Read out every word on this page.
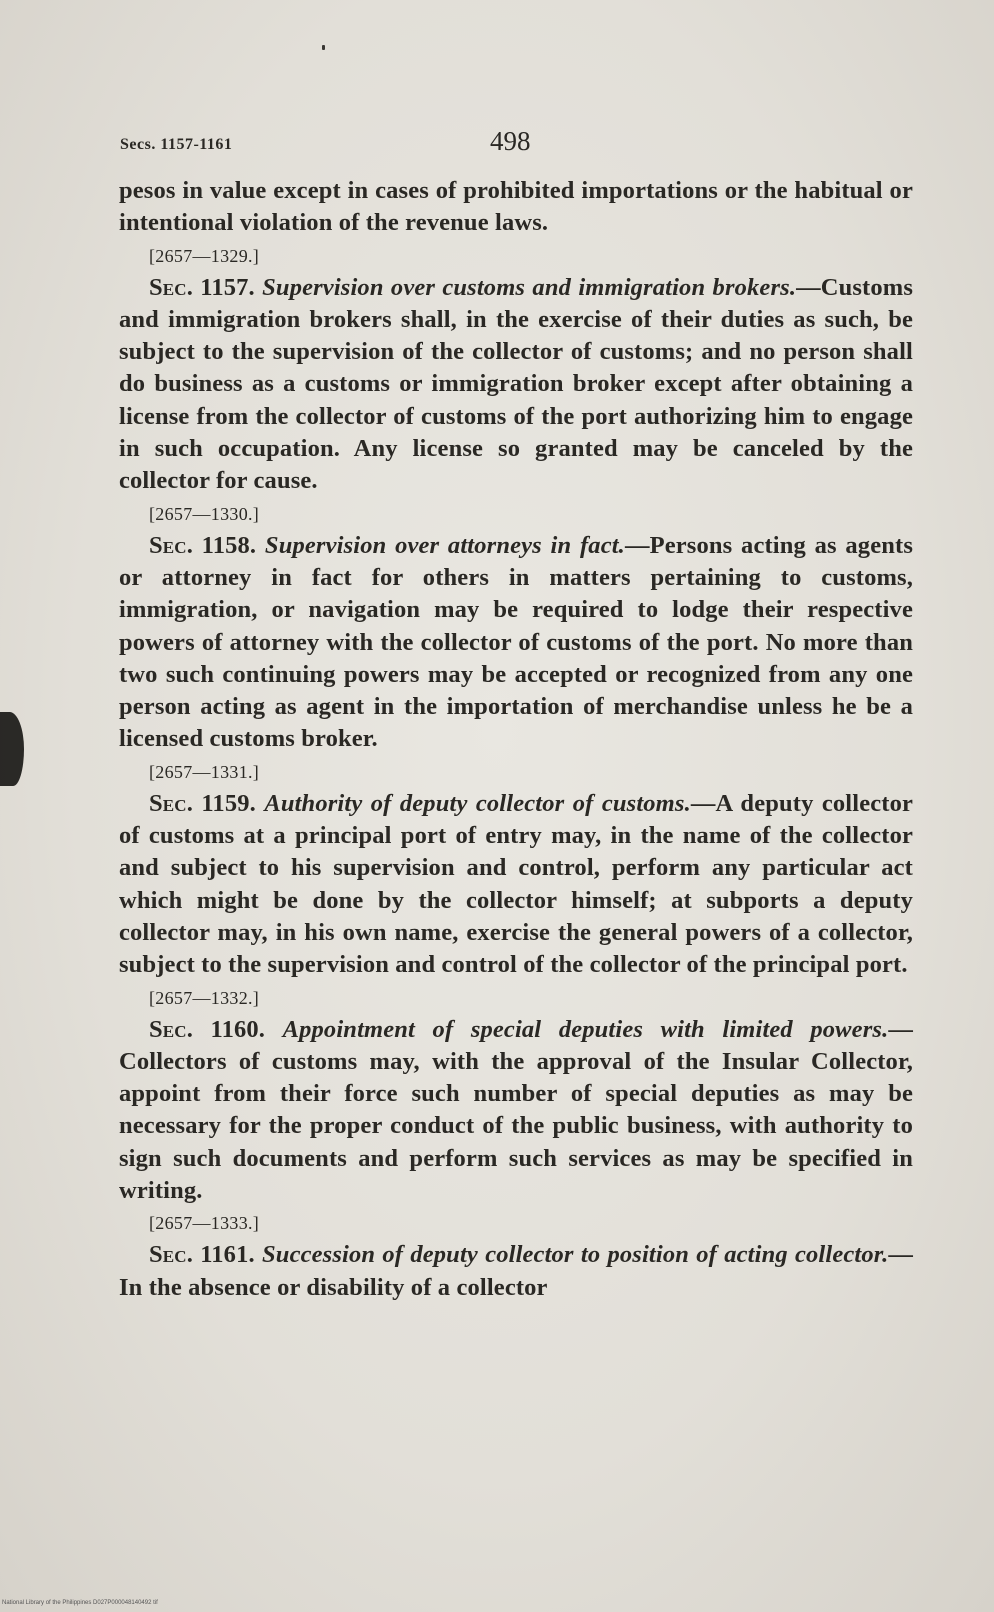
Secs. 1157-1161	498

pesos in value except in cases of prohibited importations or the habitual or intentional violation of the revenue laws.

[2657—1329.]

Sec. 1157. Supervision over customs and immigration brokers.—Customs and immigration brokers shall, in the exercise of their duties as such, be subject to the supervision of the collector of customs; and no person shall do business as a customs or immigration broker except after obtaining a license from the collector of customs of the port authorizing him to engage in such occupation. Any license so granted may be canceled by the collector for cause.

[2657—1330.]

Sec. 1158. Supervision over attorneys in fact.—Persons acting as agents or attorney in fact for others in matters pertaining to customs, immigration, or navigation may be required to lodge their respective powers of attorney with the collector of customs of the port. No more than two such continuing powers may be accepted or recognized from any one person acting as agent in the importation of merchandise unless he be a licensed customs broker.

[2657—1331.]

Sec. 1159. Authority of deputy collector of customs.—A deputy collector of customs at a principal port of entry may, in the name of the collector and subject to his supervision and control, perform any particular act which might be done by the collector himself; at subports a deputy collector may, in his own name, exercise the general powers of a collector, subject to the supervision and control of the collector of the principal port.

[2657—1332.]

Sec. 1160. Appointment of special deputies with limited powers.—Collectors of customs may, with the approval of the Insular Collector, appoint from their force such number of special deputies as may be necessary for the proper conduct of the public business, with authority to sign such documents and perform such services as may be specified in writing.

[2657—1333.]

Sec. 1161. Succession of deputy collector to position of acting collector.—In the absence or disability of a collector

National Library of the Philippines D027P000048140492 tif
